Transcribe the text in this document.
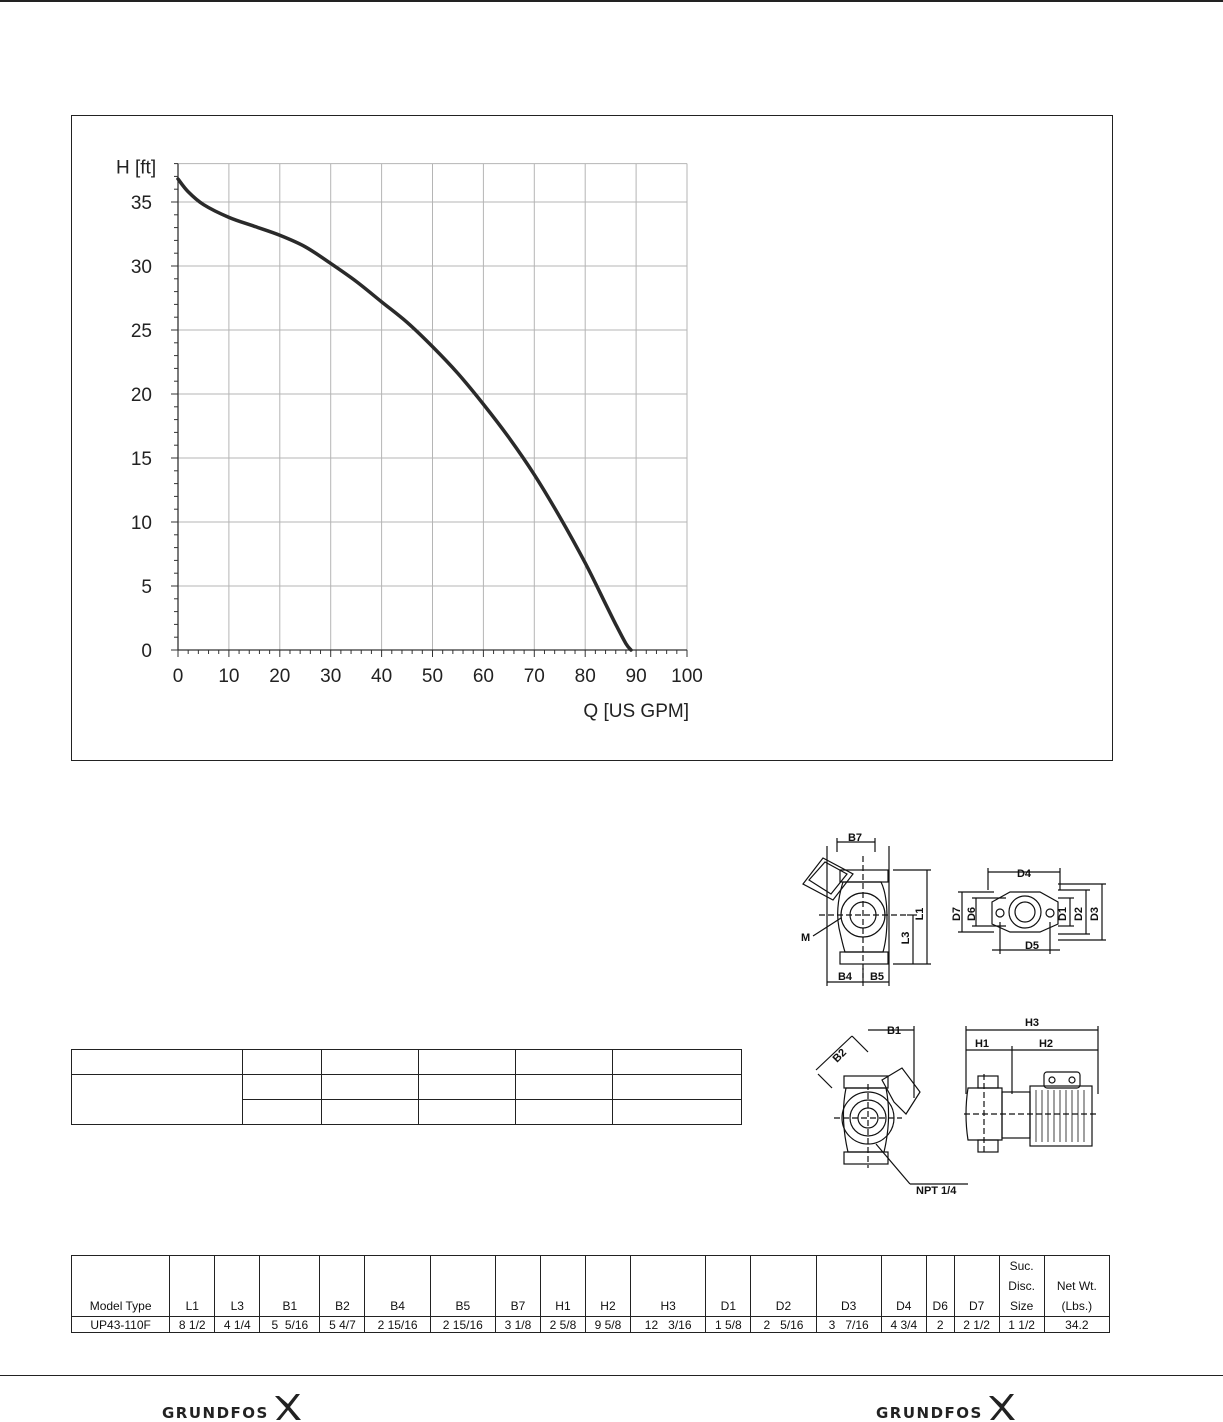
0 10 20 30 40 50 60 70 80 90 100
0
5
10
15
20
25
30
35
H [ft]
Q [US GPM]
B7
L1
L3
M
B4 B5
D4
D7 D6	D1 D2 D3
D5
B2
B1
NPT 1/4
H3
H1	H2

Model Type	L1	L3	B1	B2	B4	B5	B7	H1	H2	H3	D1	D2	D3	D4	D6	D7	Suc.
Disc.
Size	Net Wt.
(Lbs.)
UP43-110F	8 1/2	4 1/4	5  5/16	5 4/7	2 15/16	2 15/16	3 1/8	2 5/8	9 5/8	12   3/16	1 5/8	2   5/16	3   7/16	4 3/4	2	2 1/2	1 1/2	34.2
GRUNDFOS	GRUNDFOS
